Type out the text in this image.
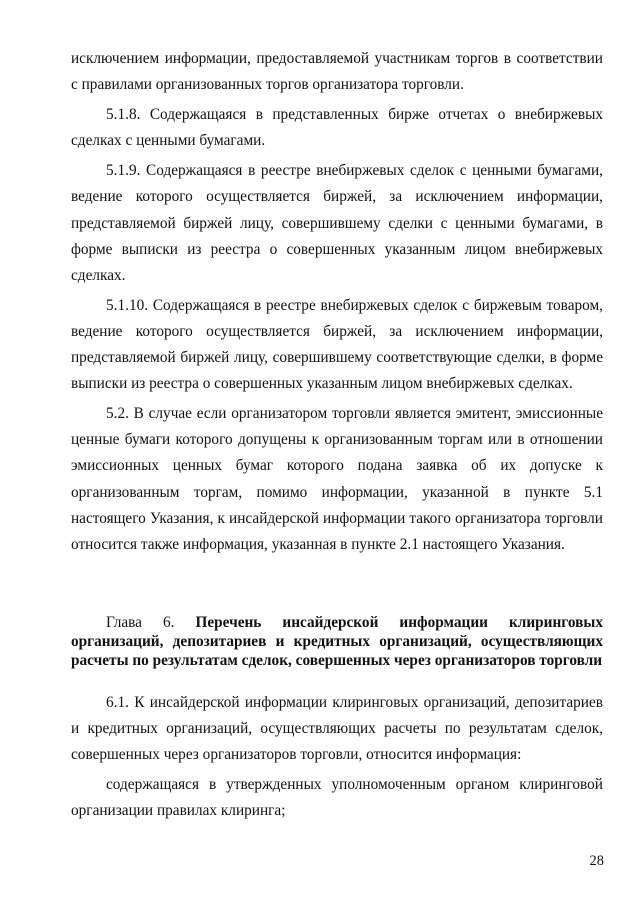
исключением информации, предоставляемой участникам торгов в соответствии с правилами организованных торгов организатора торговли.

5.1.8. Содержащаяся в представленных бирже отчетах о внебиржевых сделках с ценными бумагами.

5.1.9. Содержащаяся в реестре внебиржевых сделок с ценными бумагами, ведение которого осуществляется биржей, за исключением информации, представляемой биржей лицу, совершившему сделки с ценными бумагами, в форме выписки из реестра о совершенных указанным лицом внебиржевых сделках.

5.1.10. Содержащаяся в реестре внебиржевых сделок с биржевым товаром, ведение которого осуществляется биржей, за исключением информации, представляемой биржей лицу, совершившему соответствующие сделки, в форме выписки из реестра о совершенных указанным лицом внебиржевых сделках.

5.2. В случае если организатором торговли является эмитент, эмиссионные ценные бумаги которого допущены к организованным торгам или в отношении эмиссионных ценных бумаг которого подана заявка об их допуске к организованным торгам, помимо информации, указанной в пункте 5.1 настоящего Указания, к инсайдерской информации такого организатора торговли относится также информация, указанная в пункте 2.1 настоящего Указания.

Глава 6. Перечень инсайдерской информации клиринговых организаций, депозитариев и кредитных организаций, осуществляющих расчеты по результатам сделок, совершенных через организаторов торговли

6.1. К инсайдерской информации клиринговых организаций, депозитариев и кредитных организаций, осуществляющих расчеты по результатам сделок, совершенных через организаторов торговли, относится информация:

содержащаяся в утвержденных уполномоченным органом клиринговой организации правилах клиринга;

28
